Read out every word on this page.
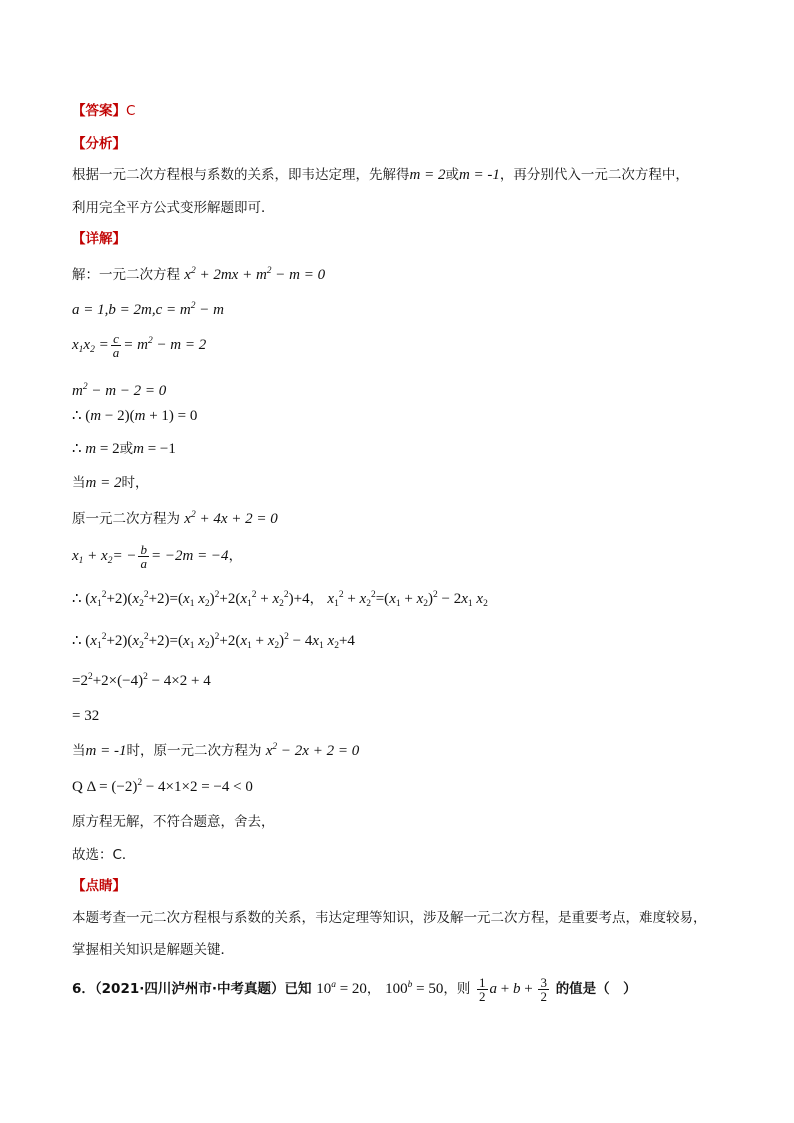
【答案】C
【分析】
根据一元二次方程根与系数的关系，即韦达定理，先解得m = 2或m = -1，再分别代入一元二次方程中，
利用完全平方公式变形解题即可．
【详解】
解：一元二次方程 $x^2 + 2mx + m^2 - m = 0$
$a = 1,b = 2m,c = m^2 - m$
$x_1x_2 = \frac{c}{a} = m^2 - m = 2$
$m^2 - m - 2 = 0$
∴ (m − 2)(m + 1) = 0
∴ m = 2或m = −1
当m = 2时，
原一元二次方程为 $x^2 + 4x + 2 = 0$
$x_1 + x_2= - \frac{b}{a} = -2m = -4$，
∴ $(x_1^2+2)(x_2^2+2)=(x_1$ $x_2)^2+2(x_1^2 + x_2^2)+4$， $x_1^2 + x_2^2=(x_1 + x_2)^2 - 2x_1$ $x_2$
∴ $(x_1^2+2)(x_2^2+2)=(x_1$ $x_2)^2+2(x_1 + x_2)^2 - 4x_1$ $x_2+4$
$=2^2+2\times(-4)^2 - 4\times 2 + 4$
= 32
当m = -1时，原一元二次方程为 $x^2 - 2x + 2 = 0$
Q $\Delta = (-2)^2 - 4\times 1\times 2 = -4 < 0$
原方程无解，不符合题意，舍去，
故选：C．
【点睛】
本题考查一元二次方程根与系数的关系，韦达定理等知识，涉及解一元二次方程，是重要考点，难度较易，
掌握相关知识是解题关键．
6．（2021·四川泸州市·中考真题）已知 $10^a = 20$， $100^b = 50$，则 $\frac{1}{2}$ $a + b + \frac{3}{2}$ 的值是（　）
